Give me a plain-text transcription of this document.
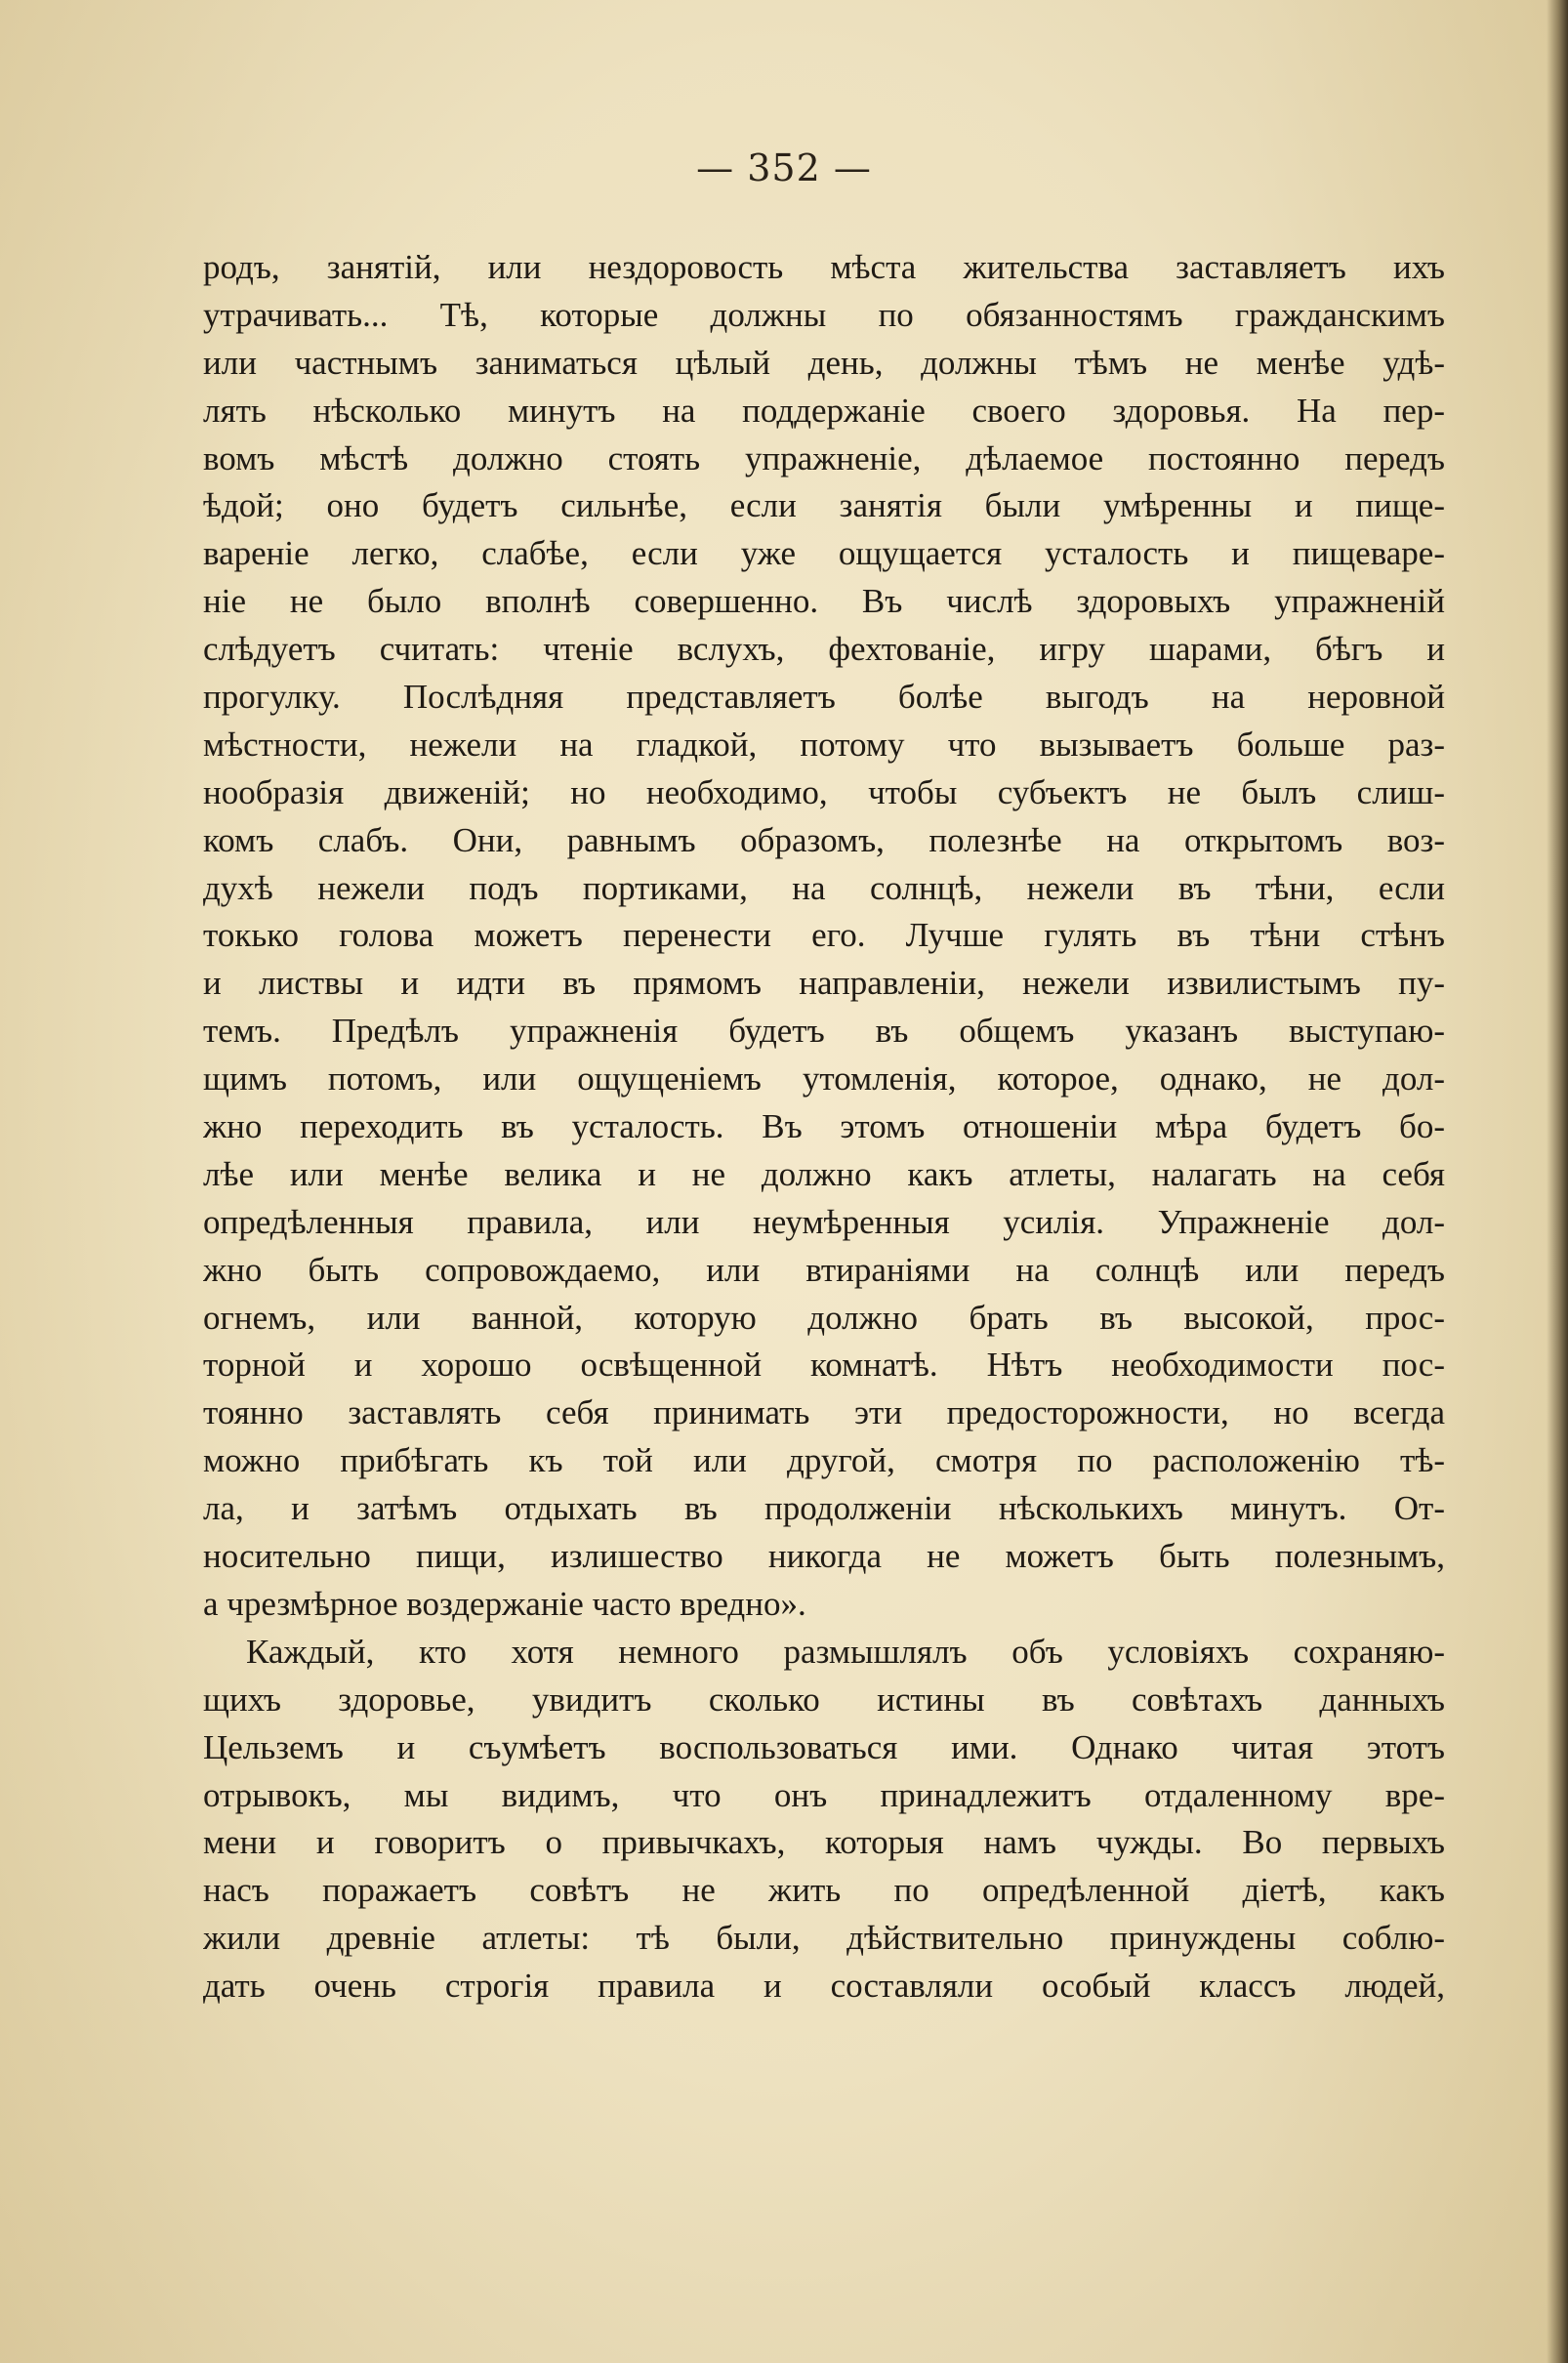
— 352 —
родъ, занятій, или нездоровость мѣста жительства заставляетъ ихъ
утрачивать... Тѣ, которые должны по обязанностямъ гражданскимъ
или частнымъ заниматься цѣлый день, должны тѣмъ не менѣе удѣ-
лять нѣсколько минутъ на поддержаніе своего здоровья. На пер-
вомъ мѣстѣ должно стоять упражненіе, дѣлаемое постоянно передъ
ѣдой; оно будетъ сильнѣе, если занятія были умѣренны и пище-
вареніе легко, слабѣе, если уже ощущается усталость и пищеваре-
ніе не было вполнѣ совершенно. Въ числѣ здоровыхъ упражненій
слѣдуетъ считать: чтеніе вслухъ, фехтованіе, игру шарами, бѣгъ и
прогулку. Послѣдняя представляетъ болѣе выгодъ на неровной
мѣстности, нежели на гладкой, потому что вызываетъ больше раз-
нообразія движеній; но необходимо, чтобы субъектъ не былъ слиш-
комъ слабъ. Они, равнымъ образомъ, полезнѣе на открытомъ воз-
духѣ нежели подъ портиками, на солнцѣ, нежели въ тѣни, если
токько голова можетъ перенести его. Лучше гулять въ тѣни стѣнъ
и листвы и идти въ прямомъ направленіи, нежели извилистымъ пу-
темъ. Предѣлъ упражненія будетъ въ общемъ указанъ выступаю-
щимъ потомъ, или ощущеніемъ утомленія, которое, однако, не дол-
жно переходить въ усталость. Въ этомъ отношеніи мѣра будетъ бо-
лѣе или менѣе велика и не должно какъ атлеты, налагать на себя
опредѣленныя правила, или неумѣренныя усилія. Упражненіе дол-
жно быть сопровождаемо, или втираніями на солнцѣ или передъ
огнемъ, или ванной, которую должно брать въ высокой, прос-
торной и хорошо освѣщенной комнатѣ. Нѣтъ необходимости пос-
тоянно заставлять себя принимать эти предосторожности, но всегда
можно прибѣгать къ той или другой, смотря по расположенію тѣ-
ла, и затѣмъ отдыхать въ продолженіи нѣсколькихъ минутъ. От-
носительно пищи, излишество никогда не можетъ быть полезнымъ,
а чрезмѣрное воздержаніе часто вредно».
Каждый, кто хотя немного размышлялъ объ условіяхъ сохраняю-
щихъ здоровье, увидитъ сколько истины въ совѣтахъ данныхъ
Цельземъ и съумѣетъ воспользоваться ими. Однако читая этотъ
отрывокъ, мы видимъ, что онъ принадлежитъ отдаленному вре-
мени и говоритъ о привычкахъ, которыя намъ чужды. Во первыхъ
насъ поражаетъ совѣтъ не жить по опредѣленной діетѣ, какъ
жили древніе атлеты: тѣ были, дѣйствительно принуждены соблю-
дать очень строгія правила и составляли особый классъ людей,
